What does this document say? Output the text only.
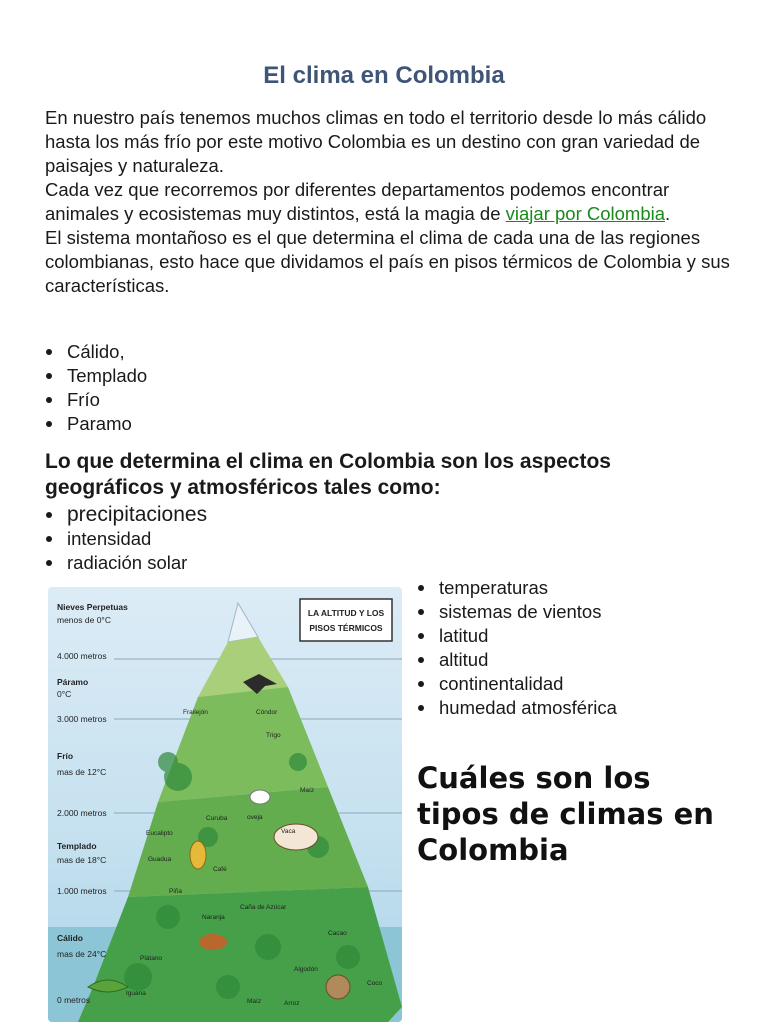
El clima en Colombia

En nuestro país tenemos muchos climas en todo el territorio desde lo más cálido hasta los más frío por este motivo Colombia es un destino con gran variedad de paisajes y naturaleza.

Cada vez que recorremos por diferentes departamentos podemos encontrar animales y ecosistemas muy distintos, está la magia de viajar por Colombia.

El sistema montañoso es el que determina el clima de cada una de las regiones colombianas, esto hace que dividamos el país en pisos térmicos de Colombia y sus características.

Cálido,
Templado
Frío
Paramo
Lo que determina el clima en Colombia son los aspectos geográficos y atmosféricos tales como:
precipitaciones
intensidad
radiación solar
temperaturas
sistemas de vientos
latitud
altitud
continentalidad
humedad atmosférica
Cuáles son los tipos de climas en Colombia
LA ALTITUD Y LOS
PISOS TÉRMICOS
Nieves Perpetuas
menos de 0°C
4.000 metros
Páramo
0°C
3.000 metros
Frío
mas de 12°C
2.000 metros
Templado
mas de 18°C
1.000 metros
Cálido
mas de 24°C
0 metros
Frailejón	Cóndor
Trigo
Maíz
Eucalipto
Curuba	oveja
Vaca
Guadua
Café
Piña
Naranja
Caña de Azúcar
Cacao
Plátano
Iguana
Maíz	Arroz
Algodón
Coco
